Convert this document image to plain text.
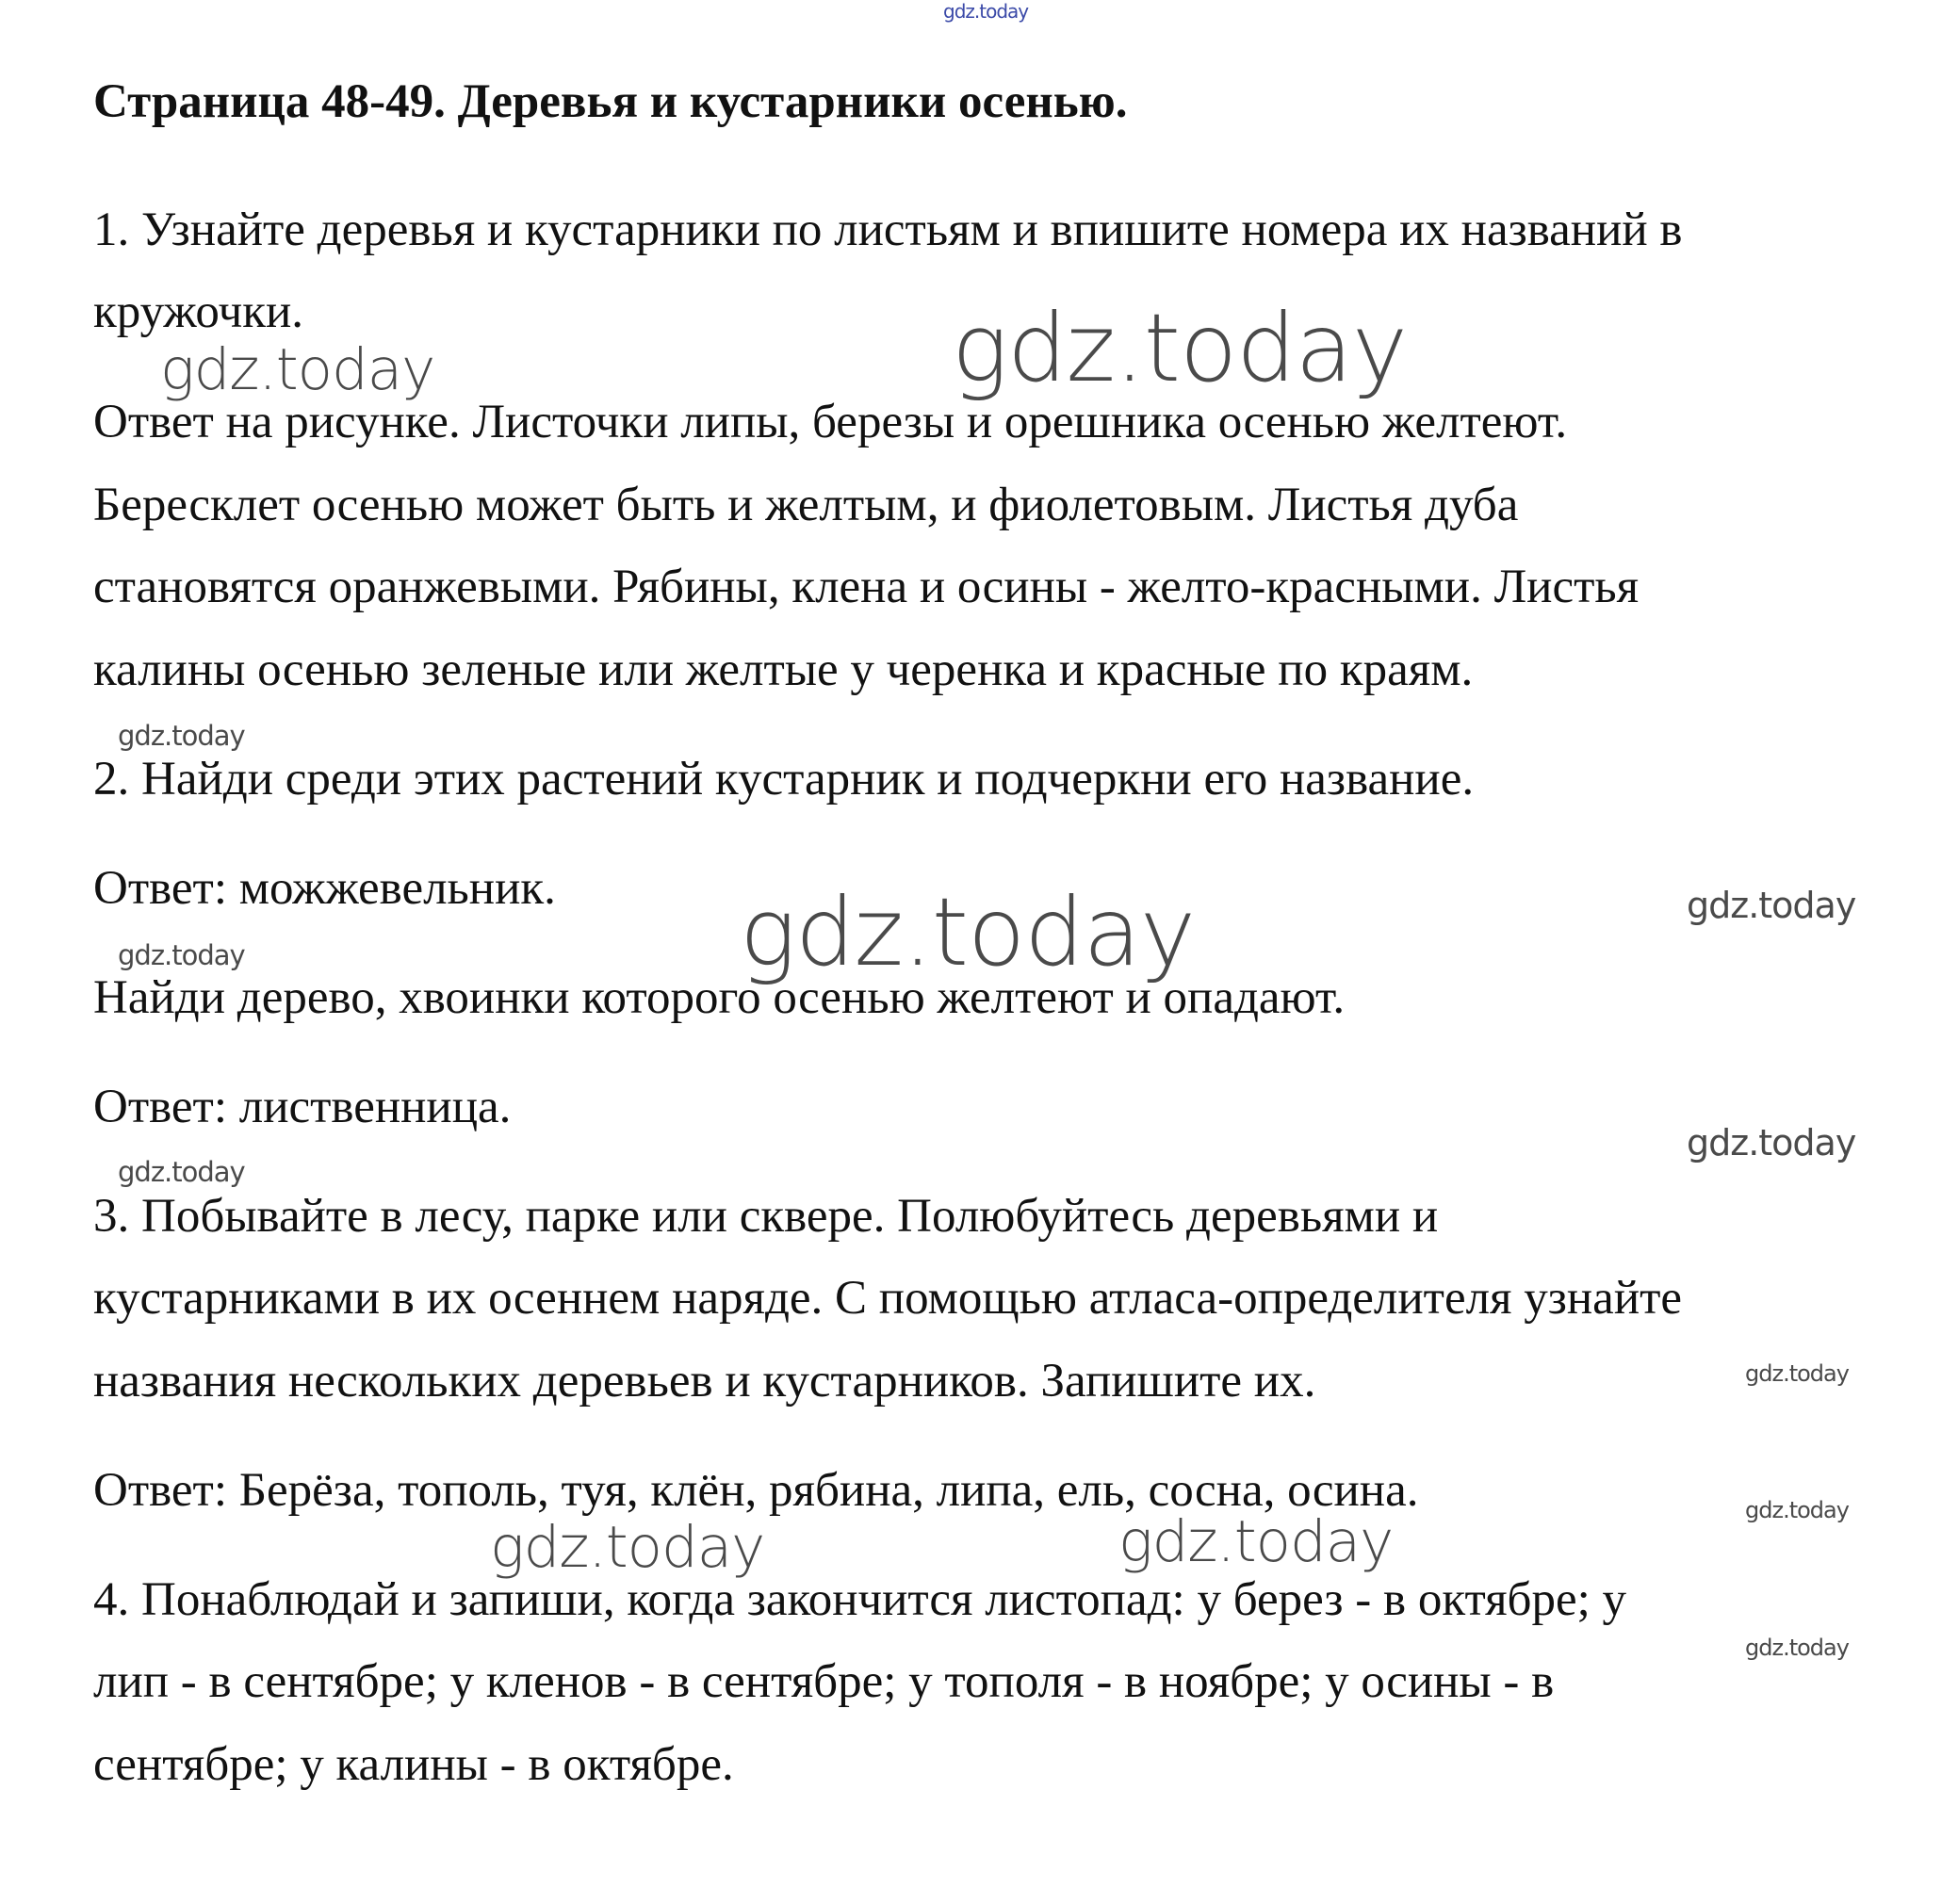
gdz.today
gdz.today
gdz.today
gdz.today
gdz.today	gdz.today
gdz.today
gdz.today
gdz.today
gdz.today
gdz.today
gdz.today	gdz.today
gdz.today
Страница 48-49. Деревья и кустарники осенью.
1. Узнайте деревья и кустарники по листьям и впишите номера их названий в
кружочки.
Ответ на рисунке. Листочки липы, березы и орешника осенью желтеют.
Бересклет осенью может быть и желтым, и фиолетовым. Листья дуба
становятся оранжевыми. Рябины, клена и осины - желто-красными. Листья
калины осенью зеленые или желтые у черенка и красные по краям.
2. Найди среди этих растений кустарник и подчеркни его название.
Ответ: можжевельник.
Найди дерево, хвоинки которого осенью желтеют и опадают.
Ответ: лиственница.
3. Побывайте в лесу, парке или сквере. Полюбуйтесь деревьями и
кустарниками в их осеннем наряде. С помощью атласа-определителя узнайте
названия нескольких деревьев и кустарников. Запишите их.
Ответ: Берёза, тополь, туя, клён, рябина, липа, ель, сосна, осина.
4. Понаблюдай и запиши, когда закончится листопад: у берез - в октябре; у
лип - в сентябре; у кленов - в сентябре; у тополя - в ноябре; у осины - в
сентябре; у калины - в октябре.
